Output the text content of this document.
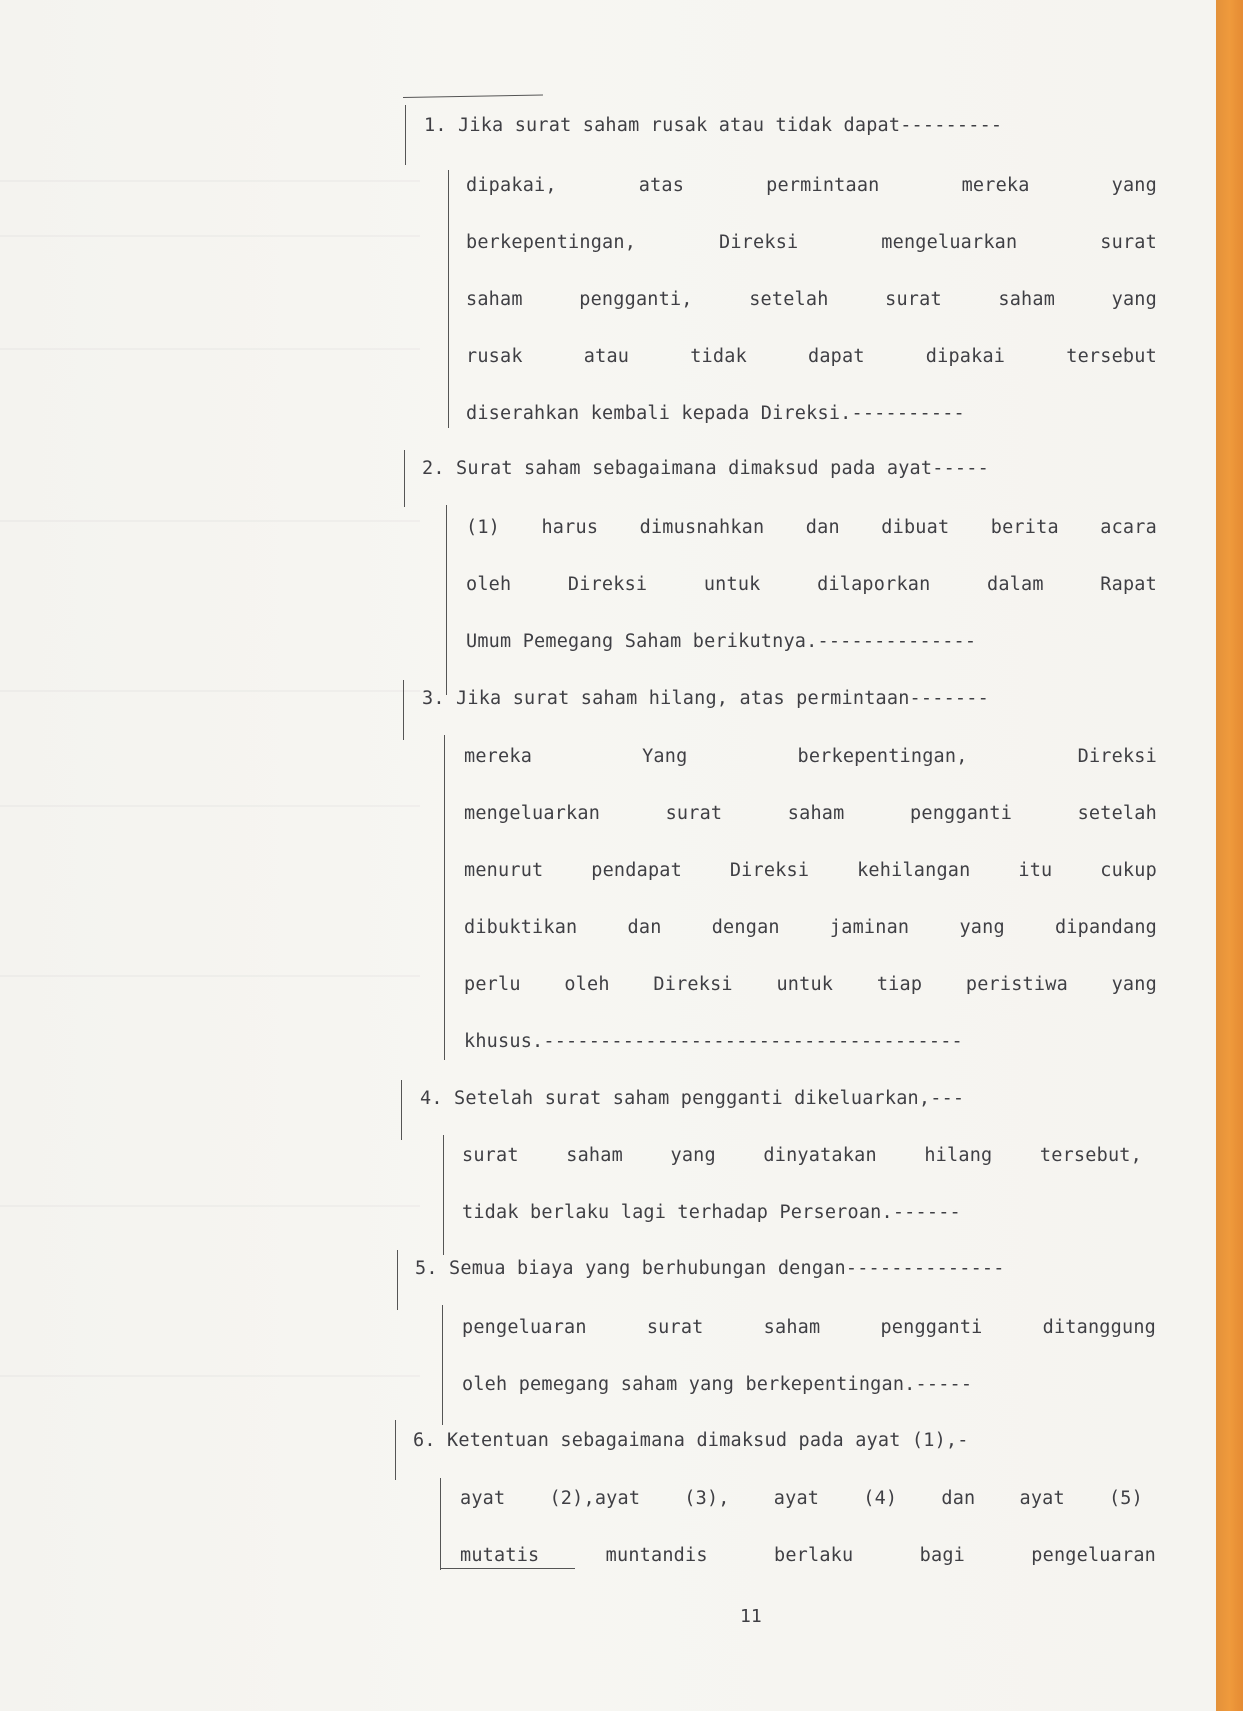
1. Jika surat saham rusak atau tidak dapat---------
dipakai,	atas	permintaan	mereka	yang
berkepentingan,	Direksi	mengeluarkan	surat
saham	pengganti,	setelah	surat	saham	yang
rusak	atau	tidak	dapat	dipakai	tersebut
diserahkan kembali kepada Direksi.----------
2. Surat saham sebagaimana dimaksud pada ayat-----
(1) harus dimusnahkan dan dibuat berita acara
oleh	Direksi	untuk	dilaporkan	dalam	Rapat
Umum Pemegang Saham berikutnya.--------------
3. Jika surat saham hilang, atas permintaan-------
mereka	Yang	berkepentingan,	Direksi
mengeluarkan	surat	saham	pengganti	setelah
menurut	pendapat	Direksi	kehilangan	itu	cukup
dibuktikan	dan	dengan	jaminan	yang	dipandang
perlu oleh Direksi untuk tiap peristiwa yang
khusus.-------------------------------------
4. Setelah surat saham pengganti dikeluarkan,---
surat	saham	yang	dinyatakan	hilang	tersebut,
tidak berlaku lagi terhadap Perseroan.------
5. Semua biaya yang berhubungan dengan--------------
pengeluaran	surat	saham	pengganti	ditanggung
oleh pemegang saham yang berkepentingan.-----
6. Ketentuan sebagaimana dimaksud pada ayat (1),-
ayat (2),ayat (3), ayat (4) dan ayat (5)
mutatis	muntandis	berlaku	bagi	pengeluaran
11
